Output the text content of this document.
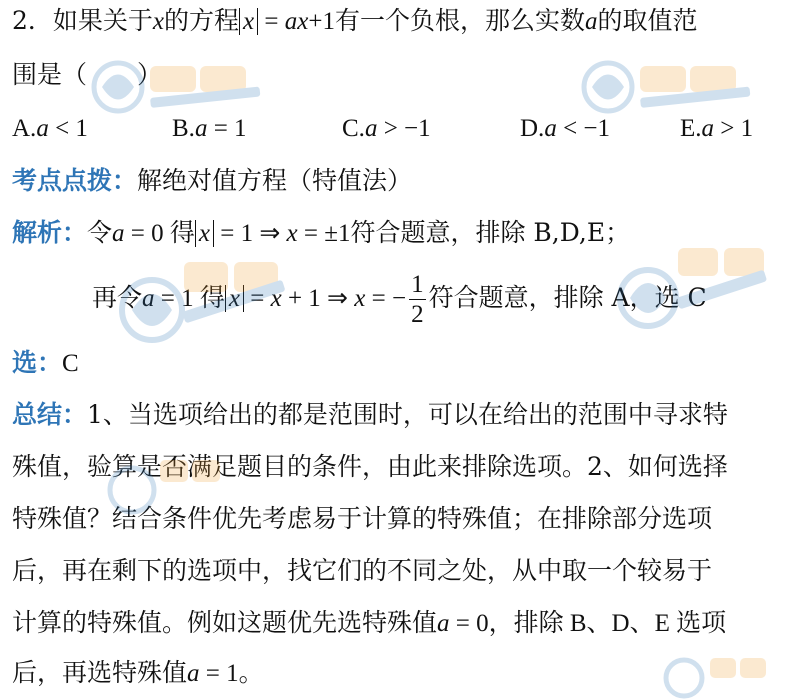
2．如果关于x的方程 x = ax+1有一个负根，那么实数a的取值范
围是（　　）
A.a < 1	B.a = 1	C.a > −1	D.a < −1	E.a > 1
考点点拨：解绝对值方程（特值法）
解析：令a = 0 得 x = 1 ⇒ x = ±1符合题意，排除 B,D,E；
再令a = 1 得 x = x + 1 ⇒ x = − $\frac{1}{2}$ 符合题意，排除 A，选 C
选：C
总结：1、当选项给出的都是范围时，可以在给出的范围中寻求特
殊值，验算是否满足题目的条件，由此来排除选项。2、如何选择
特殊值？结合条件优先考虑易于计算的特殊值；在排除部分选项
后，再在剩下的选项中，找它们的不同之处，从中取一个较易于
计算的特殊值。例如这题优先选特殊值a = 0，排除 B、D、E 选项
后，再选特殊值a = 1。
